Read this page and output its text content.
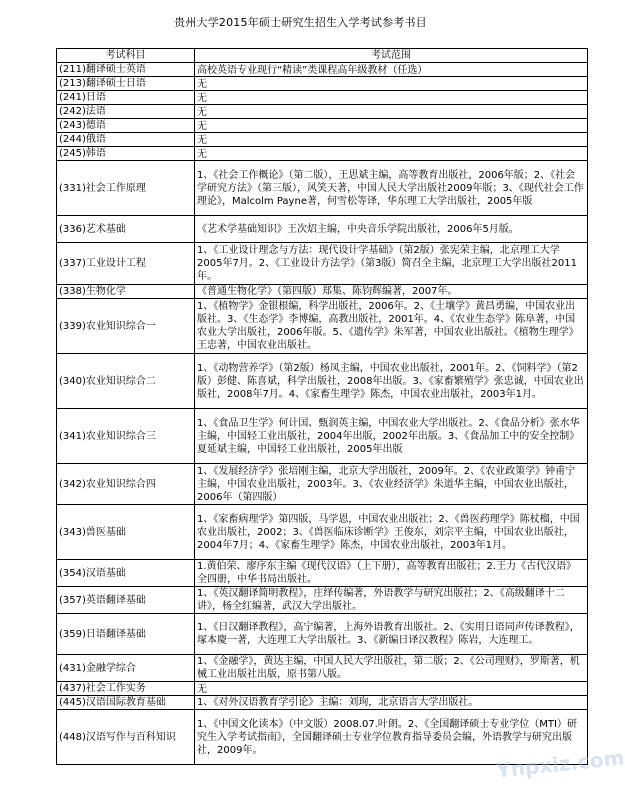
贵州大学2015年硕士研究生招生入学考试参考书目
考试科目	考试范围
(211)翻译硕士英语	高校英语专业现行“精读”类课程高年级教材（任选）

(213)翻译硕士日语	无

(241)日语	无

(242)法语	无

(243)德语	无

(244)俄语	无

(245)韩语	无

(331)社会工作原理	1、《社会工作概论》（第二版），王思斌主编，高等教育出版社，2006年版；2、《社会学研究方法》（第三版），风笑天著，中国人民大学出版社2009年版；3、《现代社会工作理论》，Malcolm Payne著，何雪松等译，华东理工大学出版社，2005年版

(336)艺术基础	《艺术学基础知识》王次炤主编，中央音乐学院出版社，2006年5月版。

(337)工业设计工程	1、《工业设计理念与方法：现代设计学基础》（第2版）张宪荣主编，北京理工大学2005年7月。2、《工业设计方法学》（第3版）简召全主编，北京理工大学出版社2011年。

(338)生物化学	《普通生物化学》（第四版）郑集、陈钧辉编著，2007年。

(339)农业知识综合一	1、《植物学》金银根编，科学出版社，2006年。2、《土壤学》黄昌勇编，中国农业出版社。3、《生态学》李博编，高教出版社，2001年。4、《农业生态学》陈阜著，中国农业大学出版社，2006年版。5、《遗传学》朱军著，中国农业出版社。《植物生理学》王忠著，中国农业出版社。

(340)农业知识综合二	1、《动物营养学》（第2版）杨凤主编，中国农业出版社，2001年。2、《饲料学》（第2版）彭健、陈喜斌，科学出版社，2008年出版。3、《家畜繁殖学》张忠诚，中国农业出版社，2008年7月。4、《家畜生理学》陈杰，中国农业出版社，2003年1月。

(341)农业知识综合三	1、《食品卫生学》何计国、甄润英主编，中国农业大学出版社。2、《食品分析》张水华主编，中国轻工业出版社，2004年出版，2002年出版。3、《食品加工中的安全控制》夏延斌主编，中国轻工业出版社，2005年出版

(342)农业知识综合四	1、《发展经济学》张培刚主编，北京大学出版社，2009年。2、《农业政策学》钟甫宁主编，中国农业出版社，2003年。3、《农业经济学》朱道华主编，中国农业出版社，2006年（第四版）

(343)兽医基础	1、《家畜病理学》第四版，马学恩，中国农业出版社；2、《兽医药理学》陈杖榴，中国农业出版社，2002；3、《兽医临床诊断学》王俊东，刘宗平主编，中国农业出版社，2004年7月；4、《家畜生理学》陈杰，中国农业出版社，2003年1月。

(354)汉语基础	1.黄伯荣、廖序东主编《现代汉语》（上下册），高等教育出版社；2.王力《古代汉语》全四册，中华书局出版社。

(357)英语翻译基础	1、《英汉翻译简明教程》，庄绎传编著，外语教学与研究出版社；2、《高级翻译十二讲》，杨全红编著，武汉大学出版社。

(359)日语翻译基础	1、《日汉翻译教程》，高宁编著，上海外语教育出版社。2、《实用日语同声传译教程》，塚本慶一著，大连理工大学出版社。3、《新编日译汉教程》陈岩，大连理工。

(431)金融学综合	1、《金融学》，黄达主编，中国人民大学出版社，第二版；2、《公司理财》，罗斯著，机械工业出版社出版，原书第八版。

(437)社会工作实务	无

(445)汉语国际教育基础	1、《对外汉语教育学引论》主编：刘珣，北京语言大学出版社。

(448)汉语写作与百科知识	1、《中国文化读本》（中文版）2008.07.叶朗。2、《全国翻译硕士专业学位（MTI）研究生入学考试指南》，全国翻译硕士专业学位教育指导委员会编，外语教学与研究出版社，2009年。	Ynpxiz.com
